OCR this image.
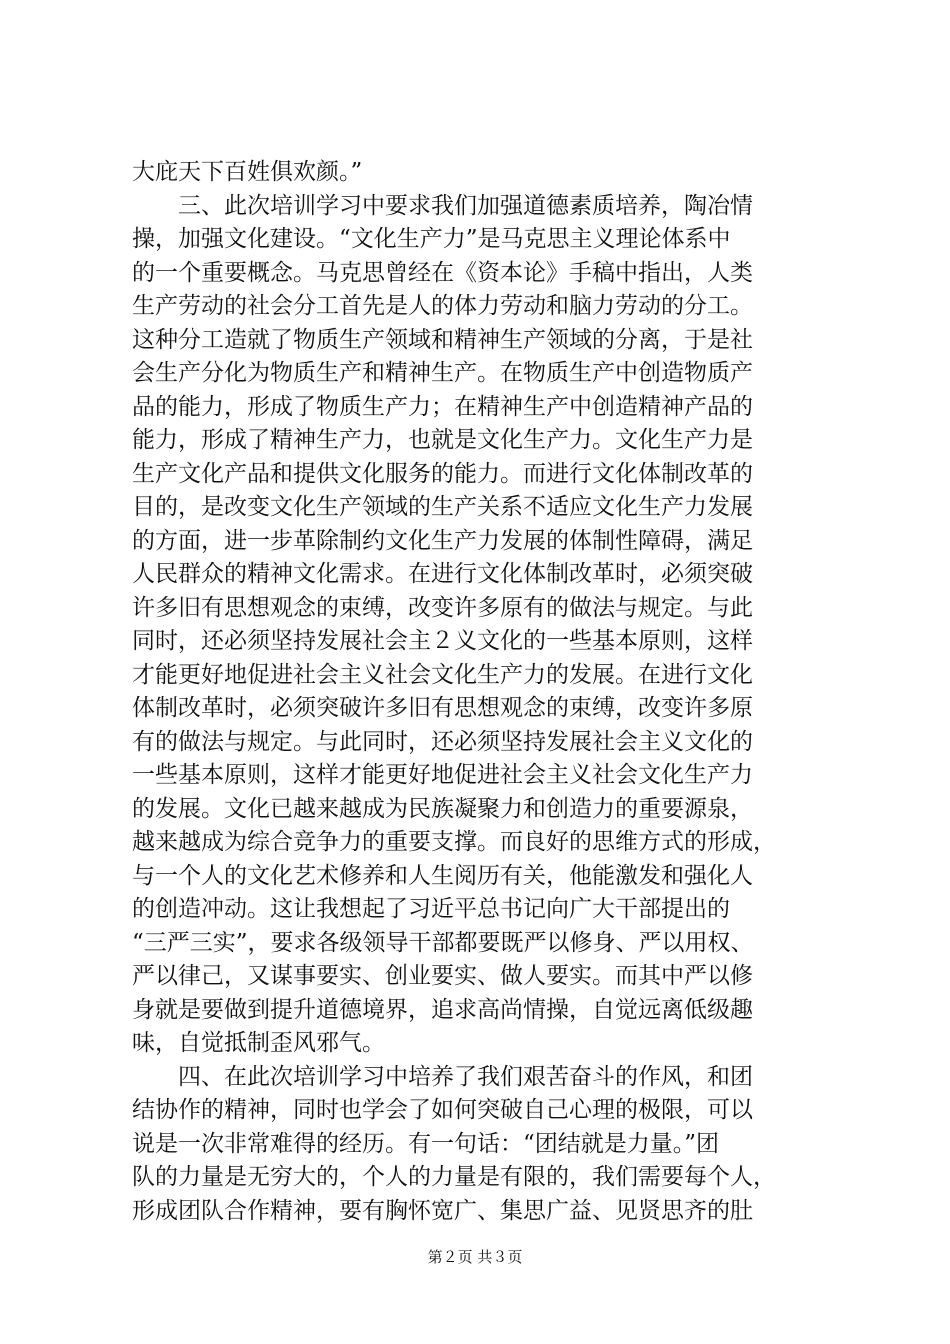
大庇天下百姓俱欢颜。”
　　三、此次培训学习中要求我们加强道德素质培养，陶冶情
操，加强文化建设。“文化生产力”是马克思主义理论体系中
的一个重要概念。马克思曾经在《资本论》手稿中指出，人类
生产劳动的社会分工首先是人的体力劳动和脑力劳动的分工。
这种分工造就了物质生产领域和精神生产领域的分离，于是社
会生产分化为物质生产和精神生产。在物质生产中创造物质产
品的能力，形成了物质生产力；在精神生产中创造精神产品的
能力，形成了精神生产力，也就是文化生产力。文化生产力是
生产文化产品和提供文化服务的能力。而进行文化体制改革的
目的，是改变文化生产领域的生产关系不适应文化生产力发展
的方面，进一步革除制约文化生产力发展的体制性障碍，满足
人民群众的精神文化需求。在进行文化体制改革时，必须突破
许多旧有思想观念的束缚，改变许多原有的做法与规定。与此
同时，还必须坚持发展社会主２义文化的一些基本原则，这样
才能更好地促进社会主义社会文化生产力的发展。在进行文化
体制改革时，必须突破许多旧有思想观念的束缚，改变许多原
有的做法与规定。与此同时，还必须坚持发展社会主义文化的
一些基本原则，这样才能更好地促进社会主义社会文化生产力
的发展。文化已越来越成为民族凝聚力和创造力的重要源泉，
越来越成为综合竞争力的重要支撑。而良好的思维方式的形成，
与一个人的文化艺术修养和人生阅历有关，他能激发和强化人
的创造冲动。这让我想起了习近平总书记向广大干部提出的
“三严三实”，要求各级领导干部都要既严以修身、严以用权、
严以律己，又谋事要实、创业要实、做人要实。而其中严以修
身就是要做到提升道德境界，追求高尚情操，自觉远离低级趣
味，自觉抵制歪风邪气。
　　四、在此次培训学习中培养了我们艰苦奋斗的作风，和团
结协作的精神，同时也学会了如何突破自己心理的极限，可以
说是一次非常难得的经历。有一句话：“团结就是力量。”团
队的力量是无穷大的，个人的力量是有限的，我们需要每个人，
形成团队合作精神，要有胸怀宽广、集思广益、见贤思齐的肚
第２页 共３页
